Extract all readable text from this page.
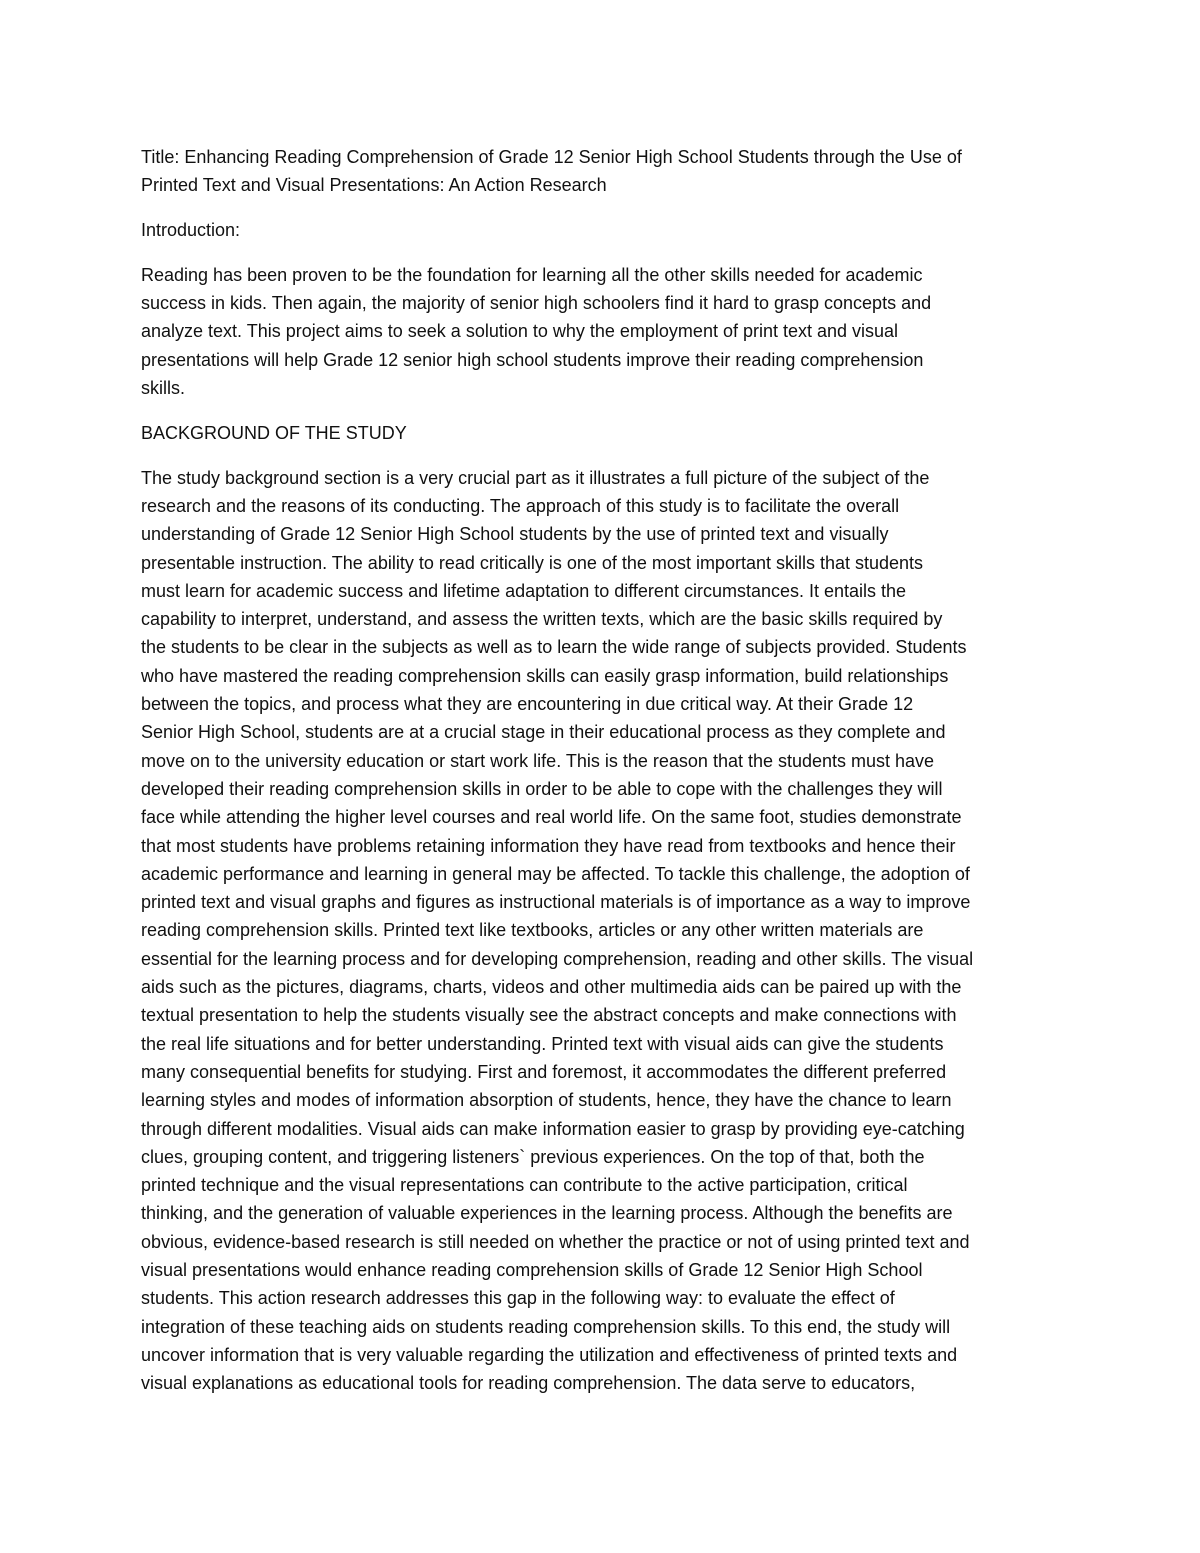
Title: Enhancing Reading Comprehension of Grade 12 Senior High School Students through the Use of
Printed Text and Visual Presentations: An Action Research

Introduction:

Reading has been proven to be the foundation for learning all the other skills needed for academic
success in kids. Then again, the majority of senior high schoolers find it hard to grasp concepts and
analyze text. This project aims to seek a solution to why the employment of print text and visual
presentations will help Grade 12 senior high school students improve their reading comprehension
skills.

BACKGROUND OF THE STUDY

The study background section is a very crucial part as it illustrates a full picture of the subject of the
research and the reasons of its conducting. The approach of this study is to facilitate the overall
understanding of Grade 12 Senior High School students by the use of printed text and visually
presentable instruction. The ability to read critically is one of the most important skills that students
must learn for academic success and lifetime adaptation to different circumstances. It entails the
capability to interpret, understand, and assess the written texts, which are the basic skills required by
the students to be clear in the subjects as well as to learn the wide range of subjects provided. Students
who have mastered the reading comprehension skills can easily grasp information, build relationships
between the topics, and process what they are encountering in due critical way. At their Grade 12
Senior High School, students are at a crucial stage in their educational process as they complete and
move on to the university education or start work life. This is the reason that the students must have
developed their reading comprehension skills in order to be able to cope with the challenges they will
face while attending the higher level courses and real world life. On the same foot, studies demonstrate
that most students have problems retaining information they have read from textbooks and hence their
academic performance and learning in general may be affected. To tackle this challenge, the adoption of
printed text and visual graphs and figures as instructional materials is of importance as a way to improve
reading comprehension skills. Printed text like textbooks, articles or any other written materials are
essential for the learning process and for developing comprehension, reading and other skills. The visual
aids such as the pictures, diagrams, charts, videos and other multimedia aids can be paired up with the
textual presentation to help the students visually see the abstract concepts and make connections with
the real life situations and for better understanding. Printed text with visual aids can give the students
many consequential benefits for studying. First and foremost, it accommodates the different preferred
learning styles and modes of information absorption of students, hence, they have the chance to learn
through different modalities. Visual aids can make information easier to grasp by providing eye-catching
clues, grouping content, and triggering listeners` previous experiences. On the top of that, both the
printed technique and the visual representations can contribute to the active participation, critical
thinking, and the generation of valuable experiences in the learning process. Although the benefits are
obvious, evidence-based research is still needed on whether the practice or not of using printed text and
visual presentations would enhance reading comprehension skills of Grade 12 Senior High School
students. This action research addresses this gap in the following way: to evaluate the effect of
integration of these teaching aids on students reading comprehension skills. To this end, the study will
uncover information that is very valuable regarding the utilization and effectiveness of printed texts and
visual explanations as educational tools for reading comprehension. The data serve to educators,
